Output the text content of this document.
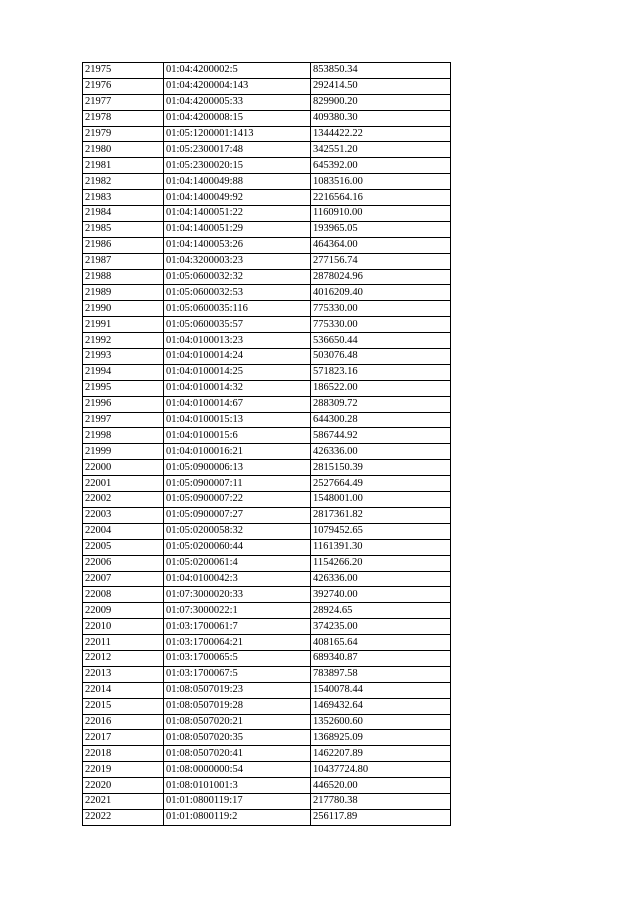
21975	01:04:4200002:5	853850.34
21976	01:04:4200004:143	292414.50
21977	01:04:4200005:33	829900.20
21978	01:04:4200008:15	409380.30
21979	01:05:1200001:1413	1344422.22
21980	01:05:2300017:48	342551.20
21981	01:05:2300020:15	645392.00
21982	01:04:1400049:88	1083516.00
21983	01:04:1400049:92	2216564.16
21984	01:04:1400051:22	1160910.00
21985	01:04:1400051:29	193965.05
21986	01:04:1400053:26	464364.00
21987	01:04:3200003:23	277156.74
21988	01:05:0600032:32	2878024.96
21989	01:05:0600032:53	4016209.40
21990	01:05:0600035:116	775330.00
21991	01:05:0600035:57	775330.00
21992	01:04:0100013:23	536650.44
21993	01:04:0100014:24	503076.48
21994	01:04:0100014:25	571823.16
21995	01:04:0100014:32	186522.00
21996	01:04:0100014:67	288309.72
21997	01:04:0100015:13	644300.28
21998	01:04:0100015:6	586744.92
21999	01:04:0100016:21	426336.00
22000	01:05:0900006:13	2815150.39
22001	01:05:0900007:11	2527664.49
22002	01:05:0900007:22	1548001.00
22003	01:05:0900007:27	2817361.82
22004	01:05:0200058:32	1079452.65
22005	01:05:0200060:44	1161391.30
22006	01:05:0200061:4	1154266.20
22007	01:04:0100042:3	426336.00
22008	01:07:3000020:33	392740.00
22009	01:07:3000022:1	28924.65
22010	01:03:1700061:7	374235.00
22011	01:03:1700064:21	408165.64
22012	01:03:1700065:5	689340.87
22013	01:03:1700067:5	783897.58
22014	01:08:0507019:23	1540078.44
22015	01:08:0507019:28	1469432.64
22016	01:08:0507020:21	1352600.60
22017	01:08:0507020:35	1368925.09
22018	01:08:0507020:41	1462207.89
22019	01:08:0000000:54	10437724.80
22020	01:08:0101001:3	446520.00
22021	01:01:0800119:17	217780.38
22022	01:01:0800119:2	256117.89
